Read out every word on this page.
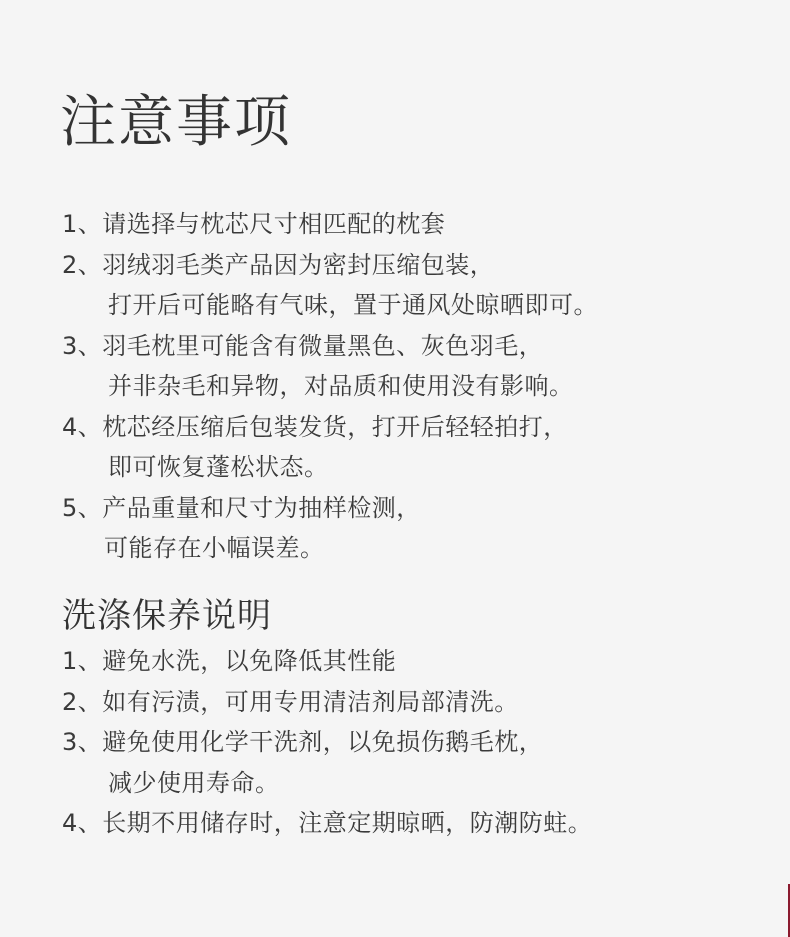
注意事项
1、请选择与枕芯尺寸相匹配的枕套
2、羽绒羽毛类产品因为密封压缩包装，
打开后可能略有气味，置于通风处晾晒即可。
3、羽毛枕里可能含有微量黑色、灰色羽毛，
并非杂毛和异物，对品质和使用没有影响。
4、枕芯经压缩后包装发货，打开后轻轻拍打，
即可恢复蓬松状态。
5、产品重量和尺寸为抽样检测，
可能存在小幅误差。
洗涤保养说明
1、避免水洗，以免降低其性能
2、如有污渍，可用专用清洁剂局部清洗。
3、避免使用化学干洗剂，以免损伤鹅毛枕，
减少使用寿命。
4、长期不用储存时，注意定期晾晒，防潮防蛀。
